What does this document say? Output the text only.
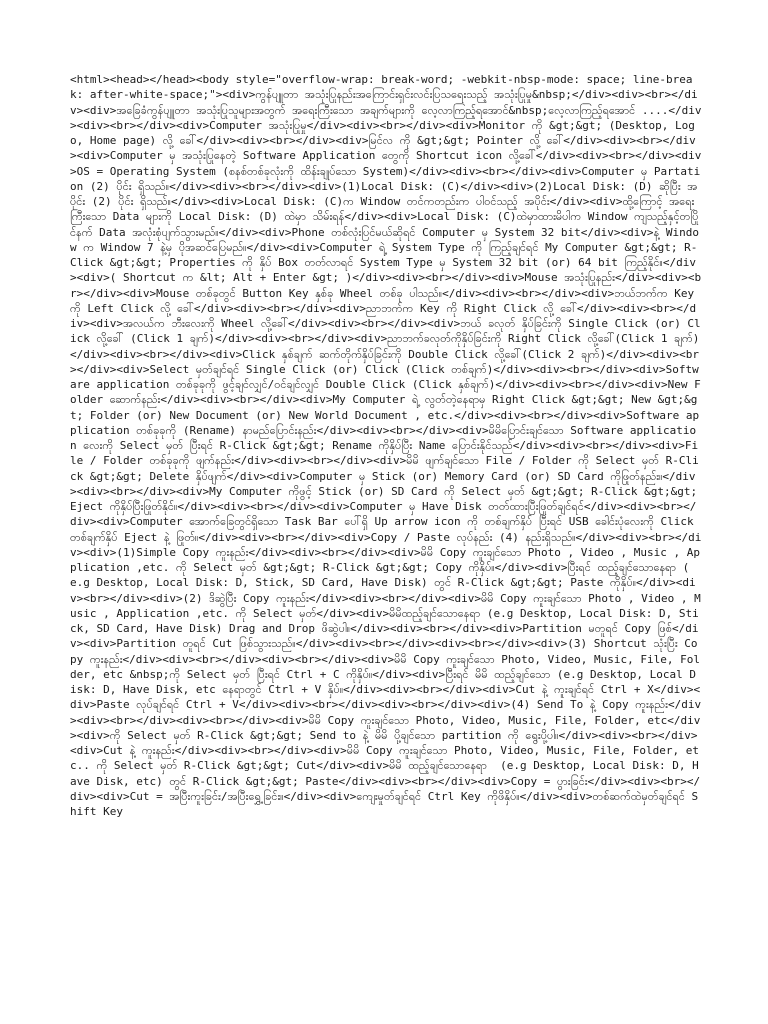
<html><head></head><body style="overflow-wrap: break-word; -webkit-nbsp-mode: space; line-break: after-white-space;"><div>ကွန်ပျူတာ အသုံးပြုနည်းအကြောင်းရှင်းလင်းပြသရေးသည့် အသုံးပြုမှု&nbsp;</div><div><br></div><div>အခြေခံကွန်ပျူတာ အသုံးပြုသူများအတွက် အရေးကြီးသော အချက်များကို လေ့လာကြည့်ရအောင်&nbsp;လေ့လာကြည့်ရအောင် ....</div><div><br></div><div>Computer အသုံးပြုမှု</div><div><br></div><div>Monitor ကို &gt;&gt; (Desktop, Logo, Home page) လို့ ခေါ်</div><div><br></div><div>မြင်လ ကို &gt;&gt; Pointer လို့ ခေါ်</div><div><br></div><div>Computer မှ အသုံးပြုနေတဲ့ Software Application တွေကို Shortcut icon လို့ခေါ်</div><div><br></div><div>OS = Operating System (စနစ်တစ်ခုလုံးကို ထိန်းချုပ်သော System)</div><div><br></div><div>Computer မှ Partation (2) ပိုင်း ရှိသည်။</div><div><br></div><div>(1)Local Disk: (C)</div><div>(2)Local Disk: (D) ဆိုပြီး အပိုင်း (2) ပိုင်း ရှိသည်။</div><div>Local Disk: (C)က Window တင်ကတည်းက ပါဝင်သည့် အပိုင်း</div><div>ထို့ကြောင့် အရေးကြီးသော Data များကို Local Disk: (D) ထဲမှာ သိမ်းရန်</div><div>Local Disk: (C)ထဲမှာထားမိပါက Window ကျသည့်နှင့်တပြိုင်နက် Data အလုံးစုံပျက်သွားမည်။</div><div>Phone တစ်လုံးပြင်မယ်ဆိုရင် Computer မှ System 32 bit</div><div>နဲ့ Window က Window 7 နဲ့မှ ပိုအဆင်ပြေမည်။</div><div>Computer ရဲ့ System Type ကို ကြည့်ချင်ရင် My Computer &gt;&gt; R-Click &gt;&gt; Properties ကို နှိပ် Box တတ်လာရင် System Type မှ System 32 bit (or) 64 bit ကြည့်နိုင်။</div><div>( Shortcut က &lt; Alt + Enter &gt; )</div><div><br></div><div>Mouse အသုံးပြုနည်း</div><div><br></div><div>Mouse တစ်ခုတွင် Button Key နှစ်ခု Wheel တစ်ခု ပါသည်။</div><div><br></div><div>ဘယ်ဘက်က Key ကို Left Click လို့ ခေါ်</div><div><br></div><div>ညာဘက်က Key ကို Right Click လို့ ခေါ်</div><div><br></div><div>အလယ်က ဘီးလေးကို Wheel လို့ခေါ်</div><div><br></div><div>ဘယ် ခလုတ် နှိပ်ခြင်းကို Single Click (or) Click လို့ခေါ် (Click 1 ချက်)</div><div><br></div><div>ညာဘက်ခလုတ်ကိုနှိပ်ခြင်းကို Right Click လို့ခေါ်(Click 1 ချက်)</div><div><br></div><div>Click နှစ်ချက် ဆက်တိုက်နှိပ်ခြင်းကို Double Click လို့ခေါ်(Click 2 ချက်)</div><div><br></div><div>Select မှတ်ချင်ရင် Single Click (or) Click (Click တစ်ချက်)</div><div><br></div><div>Software application တစ်ခုခုကို ဖွင့်ချင်လျှင်/ဝင်ချင်လျှင် Double Click (Click နှစ်ချက်)</div><div><br></div><div>New Folder ဆောက်နည်း</div><div><br></div><div>My Computer ရဲ့ လွတ်တဲ့နေရာမှ Right Click &gt;&gt; New &gt;&gt; Folder (or) New Document (or) New World Document , etc.</div><div><br></div><div>Software application တစ်ခုခုကို (Rename) နာမည်ပြောင်းနည်း</div><div><br></div><div>မိမိပြောင်းချင်သော Software application လေးကို Select မှတ် ပြီးရင် R-Click &gt;&gt; Rename ကိုနှိပ်ပြီး Name ပြောင်းနိုင်သည်</div><div><br></div><div>File / Folder တစ်ခုခုကို ဖျက်နည်း</div><div><br></div><div>မိမိ ဖျက်ချင်သော File / Folder ကို Select မှတ် R-Click &gt;&gt; Delete နှိပ်ဖျက်</div><div>Computer မှ Stick (or) Memory Card (or) SD Card ကိုဖြုတ်နည်း။</div><div><br></div><div>My Computer ကိုဖွင့် Stick (or) SD Card ကို Select မှတ် &gt;&gt; R-Click &gt;&gt; Eject ကိုနှိပ်ပြီးဖြုတ်နိုင်။</div><div><br></div><div>Computer မှ Have Disk တတ်ထားပြီးဖြုတ်ချင်ရင်</div><div><br></div><div>Computer အောက်ခြေတွင်ရှိသော Task Bar ပေါ်ရှိ Up arrow icon ကို တစ်ချက်နှိပ် ပြီးရင် USB ခေါင်းပုံလေးကို Click တစ်ချက်နှိပ် Eject နဲ့ ဖြုတ်။</div><div><br></div><div>Copy / Paste လုပ်နည်း (4) နည်းရှိသည်။</div><div><br></div><div>(1)Simple Copy ကူးနည်း</div><div><br></div><div>မိမိ Copy ကူးချင်သော Photo , Video , Music , Application ,etc. ကို Select မှတ် &gt;&gt; R-Click &gt;&gt; Copy ကိုနှိပ်။</div><div>ပြီးရင် ထည့်ချင်သောနေရာ ( e.g Desktop, Local Disk: D, Stick, SD Card, Have Disk) တွင် R-Click &gt;&gt; Paste ကိုနှိပ်။</div><div><br></div><div>(2) ဒိဆွဲပြီး Copy ကူးနည်း</div><div><br></div><div>မိမိ Copy ကူးချင်သော Photo , Video , Music , Application ,etc. ကို Select မှတ်</div><div>မိမိထည့်ချင်သောနေရာ (e.g Desktop, Local Disk: D, Stick, SD Card, Have Disk) Drag and Drop ဖိဆွဲပါ။</div><div><br></div><div>Partition မတူရင် Copy ဖြစ်</div><div>Partition တူရင် Cut ဖြစ်သွားသည်။</div><div><br></div><div><br></div><div>(3) Shortcut သုံးပြီး Copy ကူးနည်း</div><div><br></div><div><br></div><div>မိမိ Copy ကူးချင်သော Photo, Video, Music, File, Folder, etc &nbsp;ကို Select မှတ် ပြီးရင် Ctrl + C ကိုနှိပ်။</div><div>ပြီးရင် မိမိ ထည့်ချင်သော (e.g Desktop, Local Disk: D, Have Disk, etc နေရာတွင် Ctrl + V နှိပ်။</div><div><br></div><div>Cut နဲ့ ကူးချင်ရင် Ctrl + X</div><div>Paste လုပ်ချင်ရင် Ctrl + V</div><div><br></div><div><br></div><div>(4) Send To နဲ့ Copy ကူးနည်း</div><div><br></div><div><br></div><div>မိမိ Copy ကူးချင်သော Photo, Video, Music, File, Folder, etc</div><div>ကို Select မှတ် R-Click &gt;&gt; Send to နဲ့ မိမိ ပို့ချင်သော partition ကို ရွေးပို့ပါ။</div><div><br></div><div>Cut နဲ့ ကူးနည်း</div><div><br></div><div>မိမိ Copy ကူးချင်သော Photo, Video, Music, File, Folder, etc.. ကို Select မှတ် R-Click &gt;&gt; Cut</div><div>မိမိ ထည့်ချင်သောနေရာ  (e.g Desktop, Local Disk: D, Have Disk, etc) တွင် R-Click &gt;&gt; Paste</div><div><br></div><div>Copy = ပွားခြင်း</div><div><br></div><div>Cut = အပြီးကူးခြင်း/အပြီးရွှေ့ခြင်း။</div><div>ကျေးမှုတ်ချင်ရင် Ctrl Key ကိုဖိနှိပ်။</div><div>တစ်ဆက်ထဲမှတ်ချင်ရင် Shift Key
